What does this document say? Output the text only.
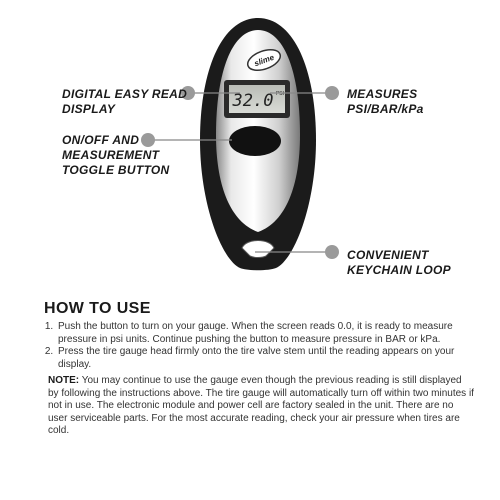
slime
32.0 PSI
DIGITAL EASY READ
DISPLAY
MEASURES
PSI/BAR/kPa
ON/OFF AND
MEASUREMENT
TOGGLE BUTTON
CONVENIENT
KEYCHAIN LOOP
HOW TO USE
1. Push the button to turn on your gauge. When the screen reads 0.0, it is ready to measure pressure in psi units. Continue pushing the button to measure pressure in BAR or kPa.
2. Press the tire gauge head firmly onto the tire valve stem until the reading appears on your display.

NOTE: You may continue to use the gauge even though the previous reading is still displayed by following the instructions above. The tire gauge will automatically turn off within two minutes if not in use. The electronic module and power cell are factory sealed in the unit. There are no user serviceable parts. For the most accurate reading, check your air pressure when tires are cold.
